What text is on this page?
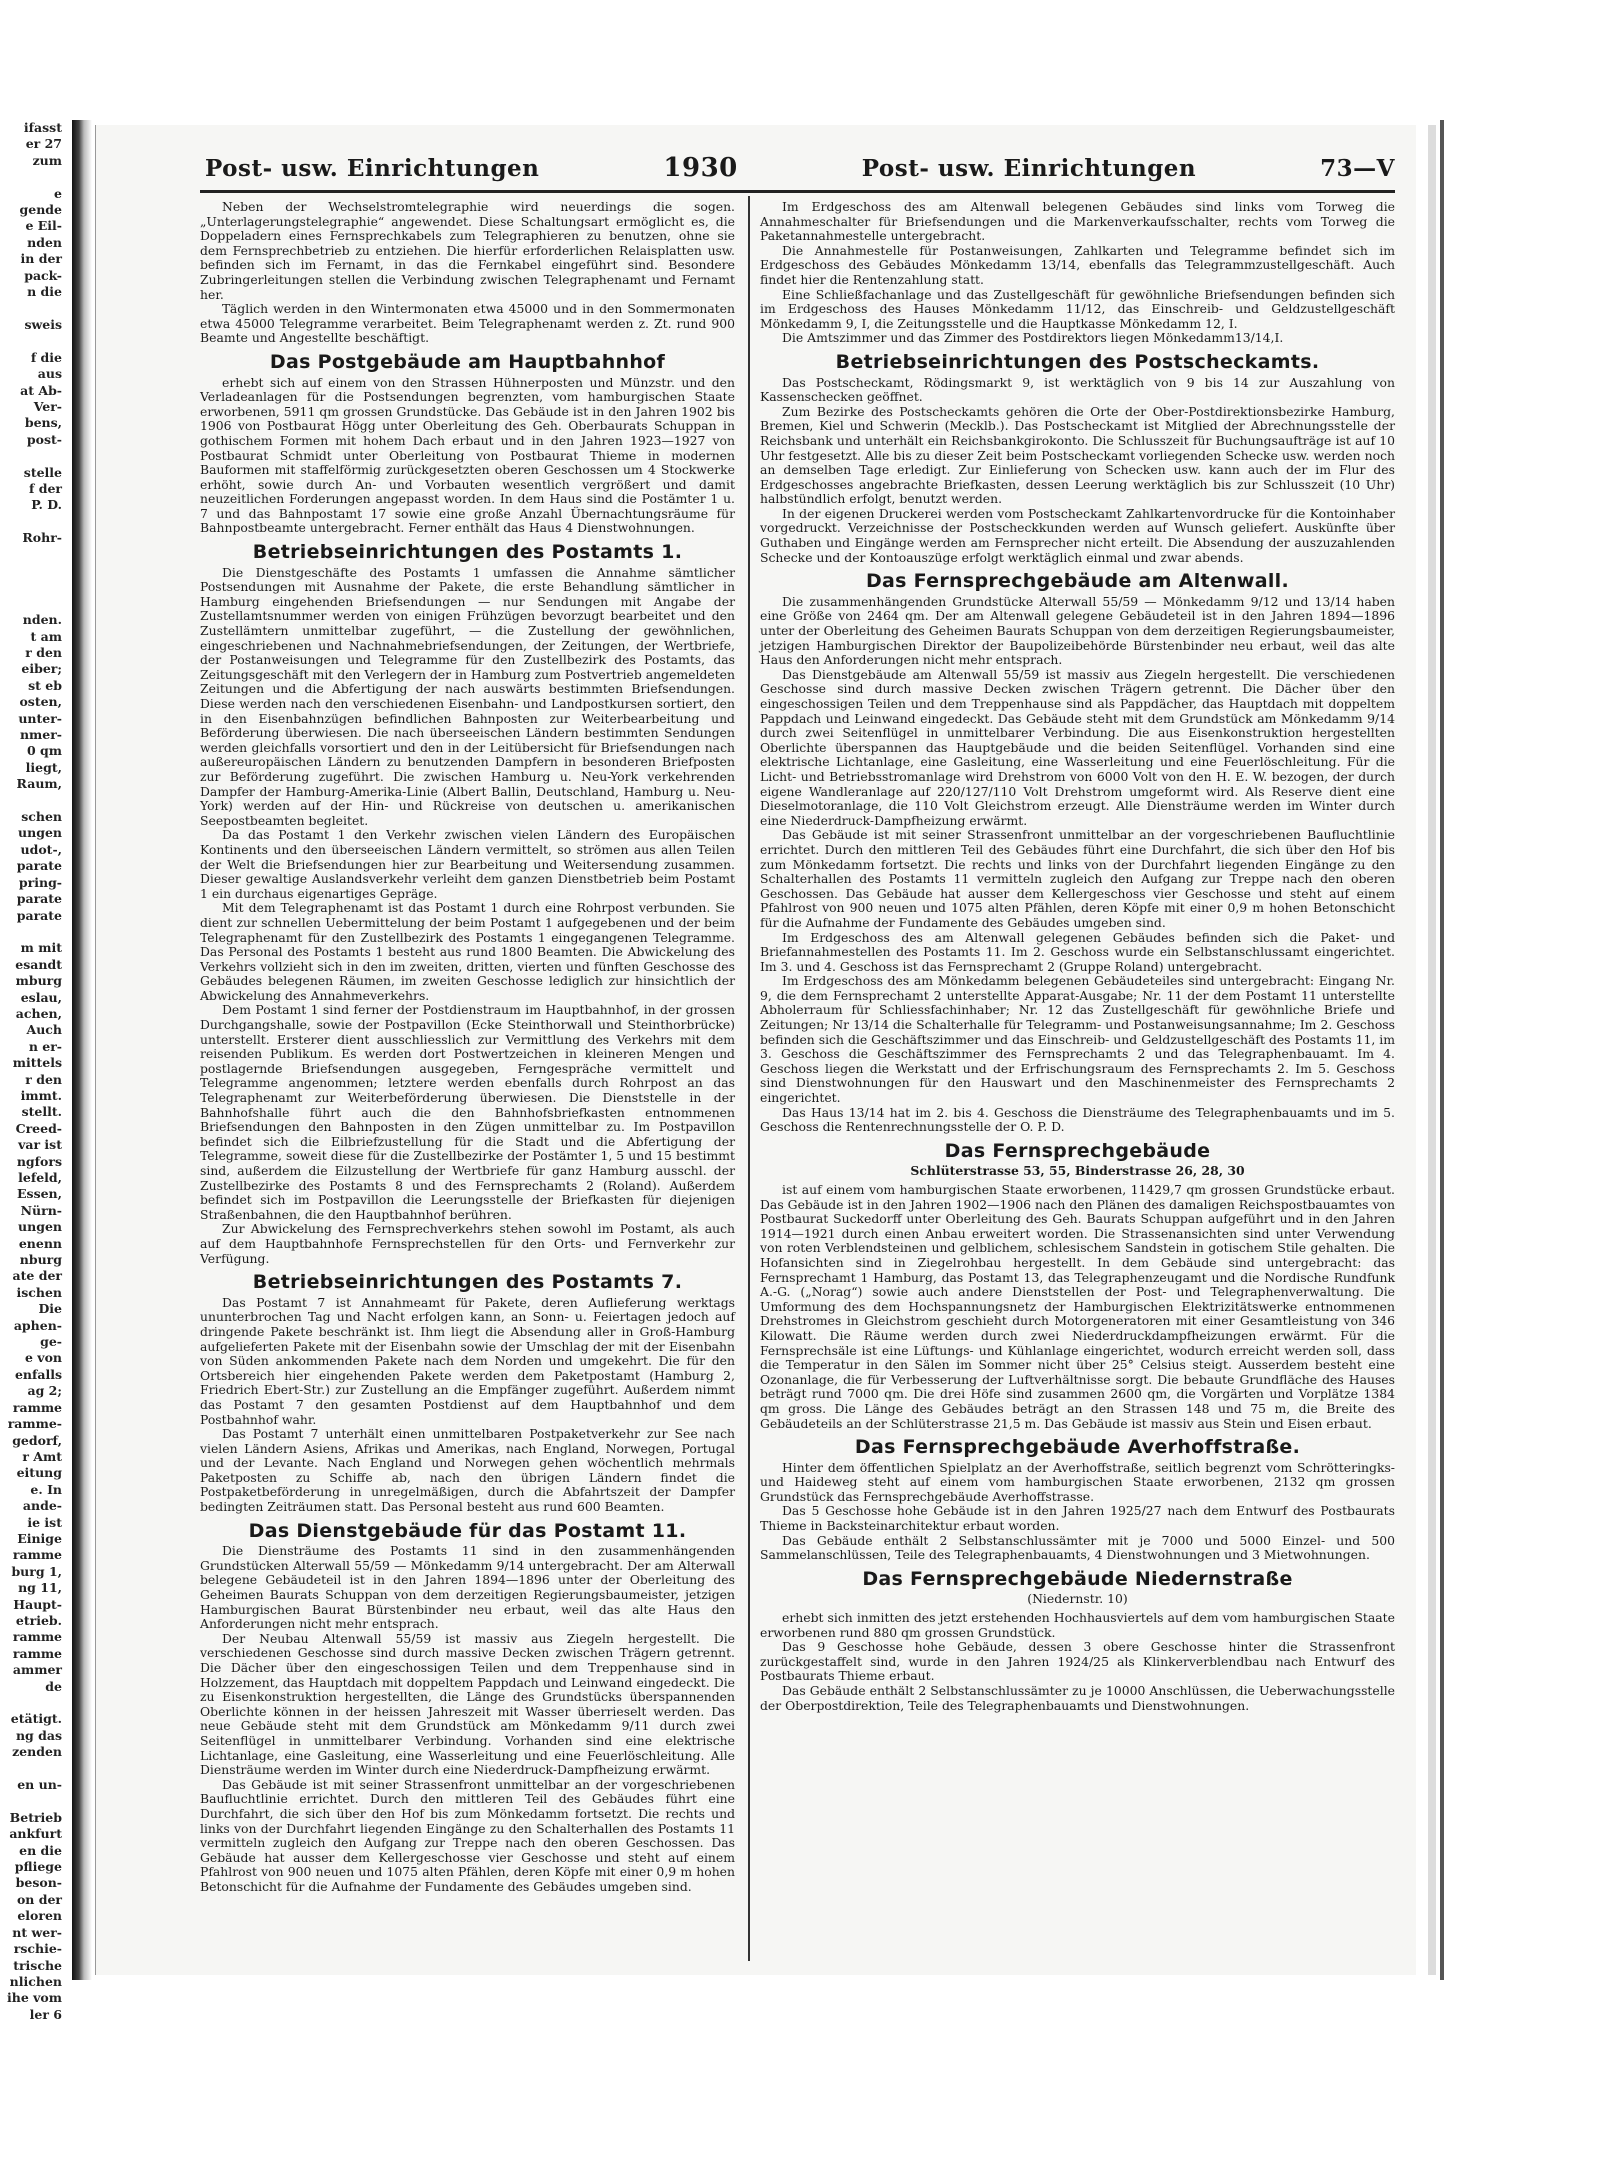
ifasst
er 27
zum

e
gende
e Eil-
nden
in der
pack-
n die

sweis

f die
aus
at Ab-
Ver-
bens,
post-

stelle
f der
P. D.

Rohr-

nden.
t am
r den
eiber;
st eb
osten,
unter-
nmer-
0 qm
liegt,
Raum,

schen
ungen
udot-,
parate
pring-
parate
parate

m mit
esandt
mburg
eslau,
achen,
Auch
n er-
mittels
r den
immt.
stellt.
Creed-
var ist
ngfors
lefeld,
Essen,
Nürn-
ungen
enenn
nburg
ate der
ischen
Die
aphen-
ge-
e von
enfalls
ag 2;
ramme
ramme-
gedorf,
r Amt
eitung
e. In
ande-
ie ist
Einige
ramme
burg 1,
ng 11,
Haupt-
etrieb.
ramme
ramme
ammer
de

etätigt.
ng das
zenden

en un-

Betrieb
ankfurt
en die
pfliege
beson-
on der
eloren
nt wer-
rschie-
trische
nlichen
ihe vom
ler 6
Post- usw. Einrichtungen	1930	Post- usw. Einrichtungen	73—V

Neben der Wechselstromtelegraphie wird neuerdings die sogen. „Unterlagerungstelegraphie“ angewendet. Diese Schaltungsart ermöglicht es, die Doppeladern eines Fernsprechkabels zum Telegraphieren zu benutzen, ohne sie dem Fernsprechbetrieb zu entziehen. Die hierfür erforderlichen Relaisplatten usw. befinden sich im Fernamt, in das die Fernkabel eingeführt sind. Besondere Zubringerleitungen stellen die Verbindung zwischen Telegraphenamt und Fernamt her.

Täglich werden in den Wintermonaten etwa 45000 und in den Sommermonaten etwa 45000 Telegramme verarbeitet. Beim Telegraphenamt werden z. Zt. rund 900 Beamte und Angestellte beschäftigt.

Das Postgebäude am Hauptbahnhof

erhebt sich auf einem von den Strassen Hühnerposten und Münzstr. und den Verladeanlagen für die Postsendungen begrenzten, vom hamburgischen Staate erworbenen, 5911 qm grossen Grundstücke. Das Gebäude ist in den Jahren 1902 bis 1906 von Postbaurat Högg unter Oberleitung des Geh. Oberbaurats Schuppan in gothischem Formen mit hohem Dach erbaut und in den Jahren 1923—1927 von Postbaurat Schmidt unter Oberleitung von Postbaurat Thieme in modernen Bauformen mit staffelförmig zurückgesetzten oberen Geschossen um 4 Stockwerke erhöht, sowie durch An- und Vorbauten wesentlich vergrößert und damit neuzeitlichen Forderungen angepasst worden. In dem Haus sind die Postämter 1 u. 7 und das Bahnpostamt 17 sowie eine große Anzahl Übernachtungsräume für Bahnpostbeamte untergebracht. Ferner enthält das Haus 4 Dienstwohnungen.

Betriebseinrichtungen des Postamts 1.

Die Dienstgeschäfte des Postamts 1 umfassen die Annahme sämtlicher Postsendungen mit Ausnahme der Pakete, die erste Behandlung sämtlicher in Hamburg eingehenden Briefsendungen — nur Sendungen mit Angabe der Zustellamtsnummer werden von einigen Frühzügen bevorzugt bearbeitet und den Zustellämtern unmittelbar zugeführt, — die Zustellung der gewöhnlichen, eingeschriebenen und Nachnahmebriefsendungen, der Zeitungen, der Wertbriefe, der Postanweisungen und Telegramme für den Zustellbezirk des Postamts, das Zeitungsgeschäft mit den Verlegern der in Hamburg zum Postvertrieb angemeldeten Zeitungen und die Abfertigung der nach auswärts bestimmten Briefsendungen. Diese werden nach den verschiedenen Eisenbahn- und Landpostkursen sortiert, den in den Eisenbahnzügen befindlichen Bahnposten zur Weiterbearbeitung und Beförderung überwiesen. Die nach überseeischen Ländern bestimmten Sendungen werden gleichfalls vorsortiert und den in der Leitübersicht für Briefsendungen nach außereuropäischen Ländern zu benutzenden Dampfern in besonderen Briefposten zur Beförderung zugeführt. Die zwischen Hamburg u. Neu-York verkehrenden Dampfer der Hamburg-Amerika-Linie (Albert Ballin, Deutschland, Hamburg u. Neu-York) werden auf der Hin- und Rückreise von deutschen u. amerikanischen Seepostbeamten begleitet.

Da das Postamt 1 den Verkehr zwischen vielen Ländern des Europäischen Kontinents und den überseeischen Ländern vermittelt, so strömen aus allen Teilen der Welt die Briefsendungen hier zur Bearbeitung und Weitersendung zusammen. Dieser gewaltige Auslandsverkehr verleiht dem ganzen Dienstbetrieb beim Postamt 1 ein durchaus eigenartiges Gepräge.

Mit dem Telegraphenamt ist das Postamt 1 durch eine Rohrpost verbunden. Sie dient zur schnellen Uebermittelung der beim Postamt 1 aufgegebenen und der beim Telegraphenamt für den Zustellbezirk des Postamts 1 eingegangenen Telegramme. Das Personal des Postamts 1 besteht aus rund 1800 Beamten. Die Abwickelung des Verkehrs vollzieht sich in den im zweiten, dritten, vierten und fünften Geschosse des Gebäudes belegenen Räumen, im zweiten Geschosse lediglich zur hinsichtlich der Abwickelung des Annahmeverkehrs.

Dem Postamt 1 sind ferner der Postdienstraum im Hauptbahnhof, in der grossen Durchgangshalle, sowie der Postpavillon (Ecke Steinthorwall und Steinthorbrücke) unterstellt. Ersterer dient ausschliesslich zur Vermittlung des Verkehrs mit dem reisenden Publikum. Es werden dort Postwertzeichen in kleineren Mengen und postlagernde Briefsendungen ausgegeben, Ferngespräche vermittelt und Telegramme angenommen; letztere werden ebenfalls durch Rohrpost an das Telegraphenamt zur Weiterbeförderung überwiesen. Die Dienststelle in der Bahnhofshalle führt auch die den Bahnhofsbriefkasten entnommenen Briefsendungen den Bahnposten in den Zügen unmittelbar zu. Im Postpavillon befindet sich die Eilbriefzustellung für die Stadt und die Abfertigung der Telegramme, soweit diese für die Zustellbezirke der Postämter 1, 5 und 15 bestimmt sind, außerdem die Eilzustellung der Wertbriefe für ganz Hamburg ausschl. der Zustellbezirke des Postamts 8 und des Fernsprechamts 2 (Roland). Außerdem befindet sich im Postpavillon die Leerungsstelle der Briefkasten für diejenigen Straßenbahnen, die den Hauptbahnhof berühren.

Zur Abwickelung des Fernsprechverkehrs stehen sowohl im Postamt, als auch auf dem Hauptbahnhofe Fernsprechstellen für den Orts- und Fernverkehr zur Verfügung.

Betriebseinrichtungen des Postamts 7.

Das Postamt 7 ist Annahmeamt für Pakete, deren Auflieferung werktags ununterbrochen Tag und Nacht erfolgen kann, an Sonn- u. Feiertagen jedoch auf dringende Pakete beschränkt ist. Ihm liegt die Absendung aller in Groß-Hamburg aufgelieferten Pakete mit der Eisenbahn sowie der Umschlag der mit der Eisenbahn von Süden ankommenden Pakete nach dem Norden und umgekehrt. Die für den Ortsbereich hier eingehenden Pakete werden dem Paketpostamt (Hamburg 2, Friedrich Ebert-Str.) zur Zustellung an die Empfänger zugeführt. Außerdem nimmt das Postamt 7 den gesamten Postdienst auf dem Hauptbahnhof und dem Postbahnhof wahr.

Das Postamt 7 unterhält einen unmittelbaren Postpaketverkehr zur See nach vielen Ländern Asiens, Afrikas und Amerikas, nach England, Norwegen, Portugal und der Levante. Nach England und Norwegen gehen wöchentlich mehrmals Paketposten zu Schiffe ab, nach den übrigen Ländern findet die Postpaketbeförderung in unregelmäßigen, durch die Abfahrtszeit der Dampfer bedingten Zeiträumen statt. Das Personal besteht aus rund 600 Beamten.

Das Dienstgebäude für das Postamt 11.

Die Diensträume des Postamts 11 sind in den zusammenhängenden Grundstücken Alterwall 55/59 — Mönkedamm 9/14 untergebracht. Der am Alterwall belegene Gebäudeteil ist in den Jahren 1894—1896 unter der Oberleitung des Geheimen Baurats Schuppan von dem derzeitigen Regierungsbaumeister, jetzigen Hamburgischen Baurat Bürstenbinder neu erbaut, weil das alte Haus den Anforderungen nicht mehr entsprach.

Der Neubau Altenwall 55/59 ist massiv aus Ziegeln hergestellt. Die verschiedenen Geschosse sind durch massive Decken zwischen Trägern getrennt. Die Dächer über den eingeschossigen Teilen und dem Treppenhause sind in Holzzement, das Hauptdach mit doppeltem Pappdach und Leinwand eingedeckt. Die zu Eisenkonstruktion hergestellten, die Länge des Grundstücks überspannenden Oberlichte können in der heissen Jahreszeit mit Wasser überrieselt werden. Das neue Gebäude steht mit dem Grundstück am Mönkedamm 9/11 durch zwei Seitenflügel in unmittelbarer Verbindung. Vorhanden sind eine elektrische Lichtanlage, eine Gasleitung, eine Wasserleitung und eine Feuerlöschleitung. Alle Diensträume werden im Winter durch eine Niederdruck-Dampfheizung erwärmt.

Das Gebäude ist mit seiner Strassenfront unmittelbar an der vorgeschriebenen Baufluchtlinie errichtet. Durch den mittleren Teil des Gebäudes führt eine Durchfahrt, die sich über den Hof bis zum Mönkedamm fortsetzt. Die rechts und links von der Durchfahrt liegenden Eingänge zu den Schalterhallen des Postamts 11 vermitteln zugleich den Aufgang zur Treppe nach den oberen Geschossen. Das Gebäude hat ausser dem Kellergeschosse vier Geschosse und steht auf einem Pfahlrost von 900 neuen und 1075 alten Pfählen, deren Köpfe mit einer 0,9 m hohen Betonschicht für die Aufnahme der Fundamente des Gebäudes umgeben sind.

Im Erdgeschoss des am Altenwall belegenen Gebäudes sind links vom Torweg die Annahmeschalter für Briefsendungen und die Markenverkaufsschalter, rechts vom Torweg die Paketannahmestelle untergebracht.

Die Annahmestelle für Postanweisungen, Zahlkarten und Telegramme befindet sich im Erdgeschoss des Gebäudes Mönkedamm 13/14, ebenfalls das Telegrammzustellgeschäft. Auch findet hier die Rentenzahlung statt.

Eine Schließfachanlage und das Zustellgeschäft für gewöhnliche Briefsendungen befinden sich im Erdgeschoss des Hauses Mönkedamm 11/12, das Einschreib- und Geldzustellgeschäft Mönkedamm 9, I, die Zeitungsstelle und die Hauptkasse Mönkedamm 12, I.

Die Amtszimmer und das Zimmer des Postdirektors liegen Mönkedamm13/14,I.

Betriebseinrichtungen des Postscheckamts.

Das Postscheckamt, Rödingsmarkt 9, ist werktäglich von 9 bis 14 zur Auszahlung von Kassenschecken geöffnet.

Zum Bezirke des Postscheckamts gehören die Orte der Ober-Postdirektionsbezirke Hamburg, Bremen, Kiel und Schwerin (Mecklb.). Das Postscheckamt ist Mitglied der Abrechnungsstelle der Reichsbank und unterhält ein Reichsbankgirokonto. Die Schlusszeit für Buchungsaufträge ist auf 10 Uhr festgesetzt. Alle bis zu dieser Zeit beim Postscheckamt vorliegenden Schecke usw. werden noch an demselben Tage erledigt. Zur Einlieferung von Schecken usw. kann auch der im Flur des Erdgeschosses angebrachte Briefkasten, dessen Leerung werktäglich bis zur Schlusszeit (10 Uhr) halbstündlich erfolgt, benutzt werden.

In der eigenen Druckerei werden vom Postscheckamt Zahlkartenvordrucke für die Kontoinhaber vorgedruckt. Verzeichnisse der Postscheckkunden werden auf Wunsch geliefert. Auskünfte über Guthaben und Eingänge werden am Fernsprecher nicht erteilt. Die Absendung der auszuzahlenden Schecke und der Kontoauszüge erfolgt werktäglich einmal und zwar abends.

Das Fernsprechgebäude am Altenwall.

Die zusammenhängenden Grundstücke Alterwall 55/59 — Mönkedamm 9/12 und 13/14 haben eine Größe von 2464 qm. Der am Altenwall gelegene Gebäudeteil ist in den Jahren 1894—1896 unter der Oberleitung des Geheimen Baurats Schuppan von dem derzeitigen Regierungsbaumeister, jetzigen Hamburgischen Direktor der Baupolizeibehörde Bürstenbinder neu erbaut, weil das alte Haus den Anforderungen nicht mehr entsprach.

Das Dienstgebäude am Altenwall 55/59 ist massiv aus Ziegeln hergestellt. Die verschiedenen Geschosse sind durch massive Decken zwischen Trägern getrennt. Die Dächer über den eingeschossigen Teilen und dem Treppenhause sind als Pappdächer, das Hauptdach mit doppeltem Pappdach und Leinwand eingedeckt. Das Gebäude steht mit dem Grundstück am Mönkedamm 9/14 durch zwei Seitenflügel in unmittelbarer Verbindung. Die aus Eisenkonstruktion hergestellten Oberlichte überspannen das Hauptgebäude und die beiden Seitenflügel. Vorhanden sind eine elektrische Lichtanlage, eine Gasleitung, eine Wasserleitung und eine Feuerlöschleitung. Für die Licht- und Betriebsstromanlage wird Drehstrom von 6000 Volt von den H. E. W. bezogen, der durch eigene Wandleranlage auf 220/127/110 Volt Drehstrom umgeformt wird. Als Reserve dient eine Dieselmotoranlage, die 110 Volt Gleichstrom erzeugt. Alle Diensträume werden im Winter durch eine Niederdruck-Dampfheizung erwärmt.

Das Gebäude ist mit seiner Strassenfront unmittelbar an der vorgeschriebenen Baufluchtlinie errichtet. Durch den mittleren Teil des Gebäudes führt eine Durchfahrt, die sich über den Hof bis zum Mönkedamm fortsetzt. Die rechts und links von der Durchfahrt liegenden Eingänge zu den Schalterhallen des Postamts 11 vermitteln zugleich den Aufgang zur Treppe nach den oberen Geschossen. Das Gebäude hat ausser dem Kellergeschoss vier Geschosse und steht auf einem Pfahlrost von 900 neuen und 1075 alten Pfählen, deren Köpfe mit einer 0,9 m hohen Betonschicht für die Aufnahme der Fundamente des Gebäudes umgeben sind.

Im Erdgeschoss des am Altenwall gelegenen Gebäudes befinden sich die Paket- und Briefannahmestellen des Postamts 11. Im 2. Geschoss wurde ein Selbstanschlussamt eingerichtet. Im 3. und 4. Geschoss ist das Fernsprechamt 2 (Gruppe Roland) untergebracht.

Im Erdgeschoss des am Mönkedamm belegenen Gebäudeteiles sind untergebracht: Eingang Nr. 9, die dem Fernsprechamt 2 unterstellte Apparat-Ausgabe; Nr. 11 der dem Postamt 11 unterstellte Abholerraum für Schliessfachinhaber; Nr. 12 das Zustellgeschäft für gewöhnliche Briefe und Zeitungen; Nr 13/14 die Schalterhalle für Telegramm- und Postanweisungsannahme; Im 2. Geschoss befinden sich die Geschäftszimmer und das Einschreib- und Geldzustellgeschäft des Postamts 11, im 3. Geschoss die Geschäftszimmer des Fernsprechamts 2 und das Telegraphenbauamt. Im 4. Geschoss liegen die Werkstatt und der Erfrischungsraum des Fernsprechamts 2. Im 5. Geschoss sind Dienstwohnungen für den Hauswart und den Maschinenmeister des Fernsprechamts 2 eingerichtet.

Das Haus 13/14 hat im 2. bis 4. Geschoss die Diensträume des Telegraphenbauamts und im 5. Geschoss die Rentenrechnungsstelle der O. P. D.

Das Fernsprechgebäude
Schlüterstrasse 53, 55, Binderstrasse 26, 28, 30

ist auf einem vom hamburgischen Staate erworbenen, 11429,7 qm grossen Grundstücke erbaut. Das Gebäude ist in den Jahren 1902—1906 nach den Plänen des damaligen Reichspostbauamtes von Postbaurat Suckedorff unter Oberleitung des Geh. Baurats Schuppan aufgeführt und in den Jahren 1914—1921 durch einen Anbau erweitert worden. Die Strassenansichten sind unter Verwendung von roten Verblendsteinen und gelblichem, schlesischem Sandstein in gotischem Stile gehalten. Die Hofansichten sind in Ziegelrohbau hergestellt. In dem Gebäude sind untergebracht: das Fernsprechamt 1 Hamburg, das Postamt 13, das Telegraphenzeugamt und die Nordische Rundfunk A.-G. („Norag“) sowie auch andere Dienststellen der Post- und Telegraphenverwaltung. Die Umformung des dem Hochspannungsnetz der Hamburgischen Elektrizitätswerke entnommenen Drehstromes in Gleichstrom geschieht durch Motorgeneratoren mit einer Gesamtleistung von 346 Kilowatt. Die Räume werden durch zwei Niederdruckdampfheizungen erwärmt. Für die Fernsprechsäle ist eine Lüftungs- und Kühlanlage eingerichtet, wodurch erreicht werden soll, dass die Temperatur in den Sälen im Sommer nicht über 25° Celsius steigt. Ausserdem besteht eine Ozonanlage, die für Verbesserung der Luftverhältnisse sorgt. Die bebaute Grundfläche des Hauses beträgt rund 7000 qm. Die drei Höfe sind zusammen 2600 qm, die Vorgärten und Vorplätze 1384 qm gross. Die Länge des Gebäudes beträgt an den Strassen 148 und 75 m, die Breite des Gebäudeteils an der Schlüterstrasse 21,5 m. Das Gebäude ist massiv aus Stein und Eisen erbaut.

Das Fernsprechgebäude Averhoffstraße.

Hinter dem öffentlichen Spielplatz an der Averhoffstraße, seitlich begrenzt vom Schrötteringks- und Haideweg steht auf einem vom hamburgischen Staate erworbenen, 2132 qm grossen Grundstück das Fernsprechgebäude Averhoffstrasse.

Das 5 Geschosse hohe Gebäude ist in den Jahren 1925/27 nach dem Entwurf des Postbaurats Thieme in Backsteinarchitektur erbaut worden.

Das Gebäude enthält 2 Selbstanschlussämter mit je 7000 und 5000 Einzel- und 500 Sammelanschlüssen, Teile des Telegraphenbauamts, 4 Dienstwohnungen und 3 Mietwohnungen.

Das Fernsprechgebäude Niedernstraße
(Niedernstr. 10)

erhebt sich inmitten des jetzt erstehenden Hochhausviertels auf dem vom hamburgischen Staate erworbenen rund 880 qm grossen Grundstück.

Das 9 Geschosse hohe Gebäude, dessen 3 obere Geschosse hinter die Strassenfront zurückgestaffelt sind, wurde in den Jahren 1924/25 als Klinkerverblendbau nach Entwurf des Postbaurats Thieme erbaut.

Das Gebäude enthält 2 Selbstanschlussämter zu je 10000 Anschlüssen, die Ueberwachungsstelle der Oberpostdirektion, Teile des Telegraphenbauamts und Dienstwohnungen.
